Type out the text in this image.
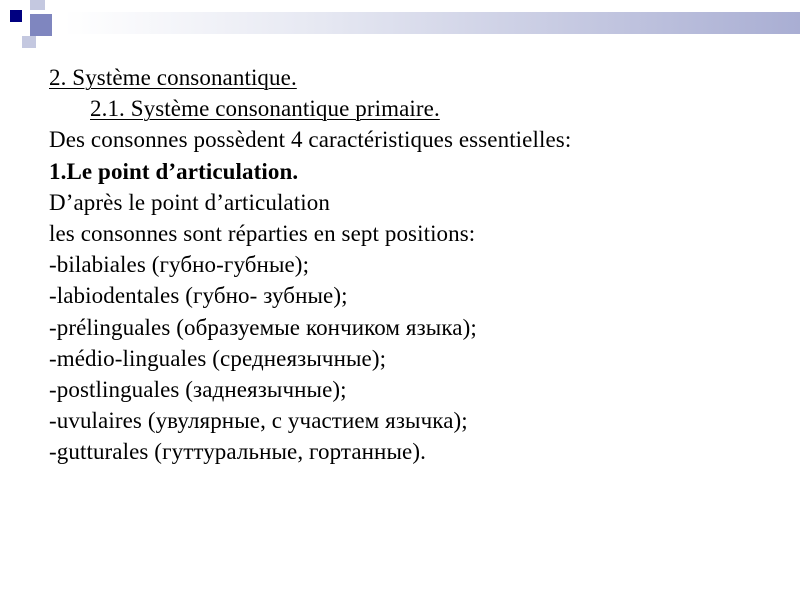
2. Système consonantique.
2.1. Système consonantique primaire.
Des consonnes possèdent 4 caractéristiques essentielles:
1.Le point d’articulation.
D’après le point d’articulation
les consonnes sont réparties en sept positions:
-bilabiales (губно-губные);
-labiodentales (губно- зубные);
-prélinguales (образуемые кончиком языка);
-médio-linguales (среднеязычные);
-postlinguales (заднеязычные);
-uvulaires (увулярные, с участием язычка);
-gutturales (гуттуральные, гортанные).
